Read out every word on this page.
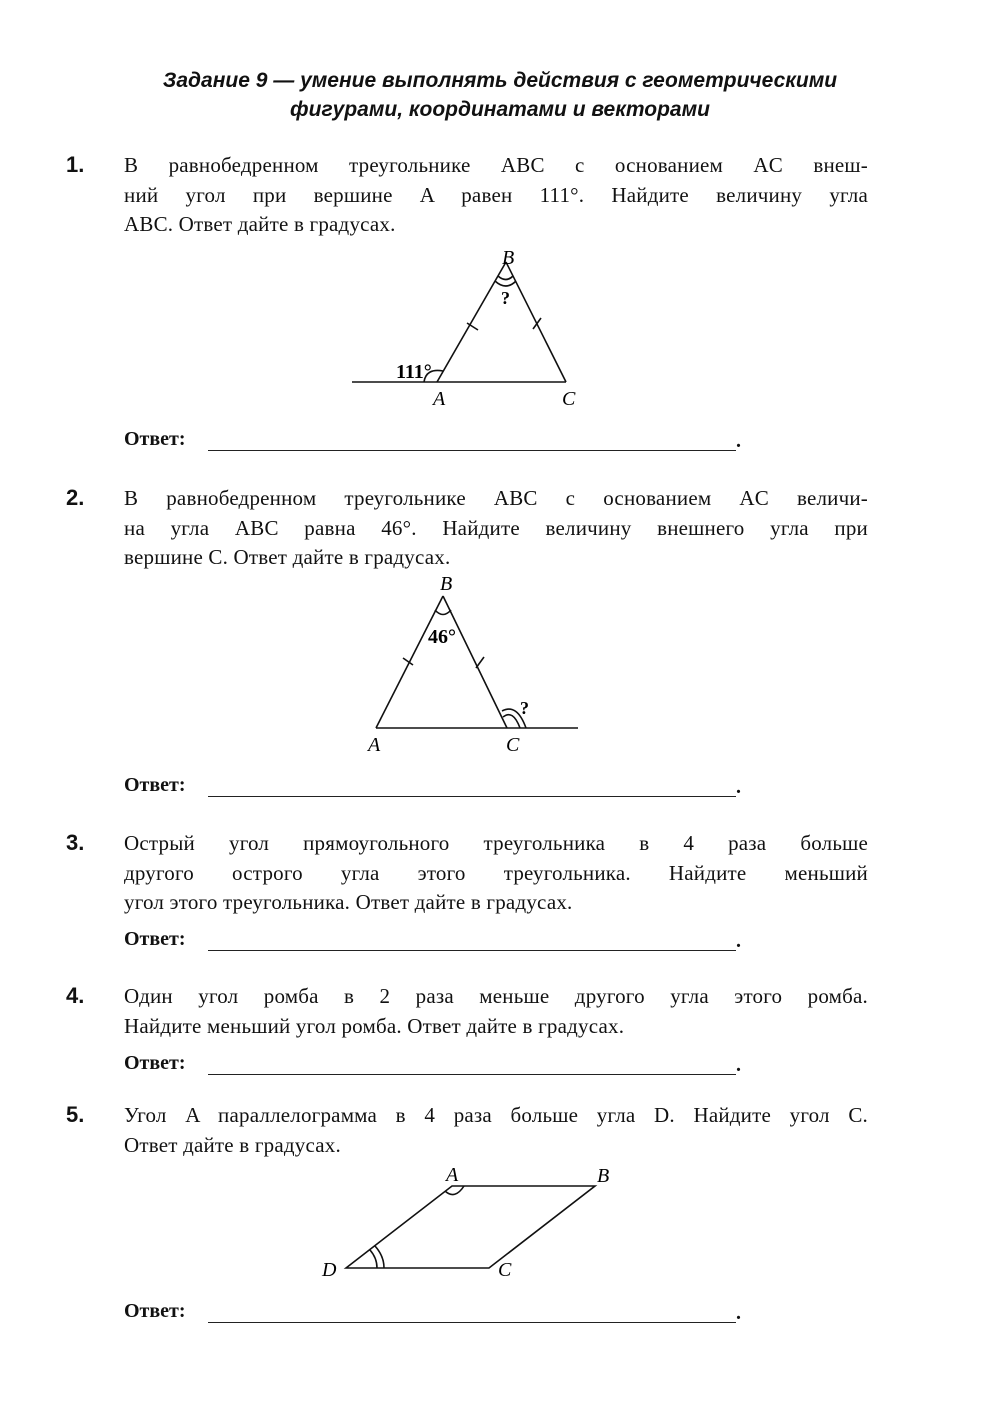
Задание 9 — умение выполнять действия с геометрическими
фигурами, координатами и векторами
1. В равнобедренном треугольнике ABC с основанием AC внеш-
ний угол при вершине A равен 111°. Найдите величину угла
ABC. Ответ дайте в градусах.
B
?
111°
A	C
Ответ:	.
2. В равнобедренном треугольнике ABC с основанием AC величи-
на угла ABC равна 46°. Найдите величину внешнего угла при
вершине C. Ответ дайте в градусах.
B
46°
?
A	C
Ответ:	.
3. Острый угол прямоугольного треугольника в 4 раза больше
другого острого угла этого треугольника. Найдите меньший
угол этого треугольника. Ответ дайте в градусах.
Ответ:	.
4. Один угол ромба в 2 раза меньше другого угла этого ромба.
Найдите меньший угол ромба. Ответ дайте в градусах.
Ответ:	.
5. Угол A параллелограмма в 4 раза больше угла D. Найдите угол C.
Ответ дайте в градусах.
A	B
C
D
Ответ:	.
